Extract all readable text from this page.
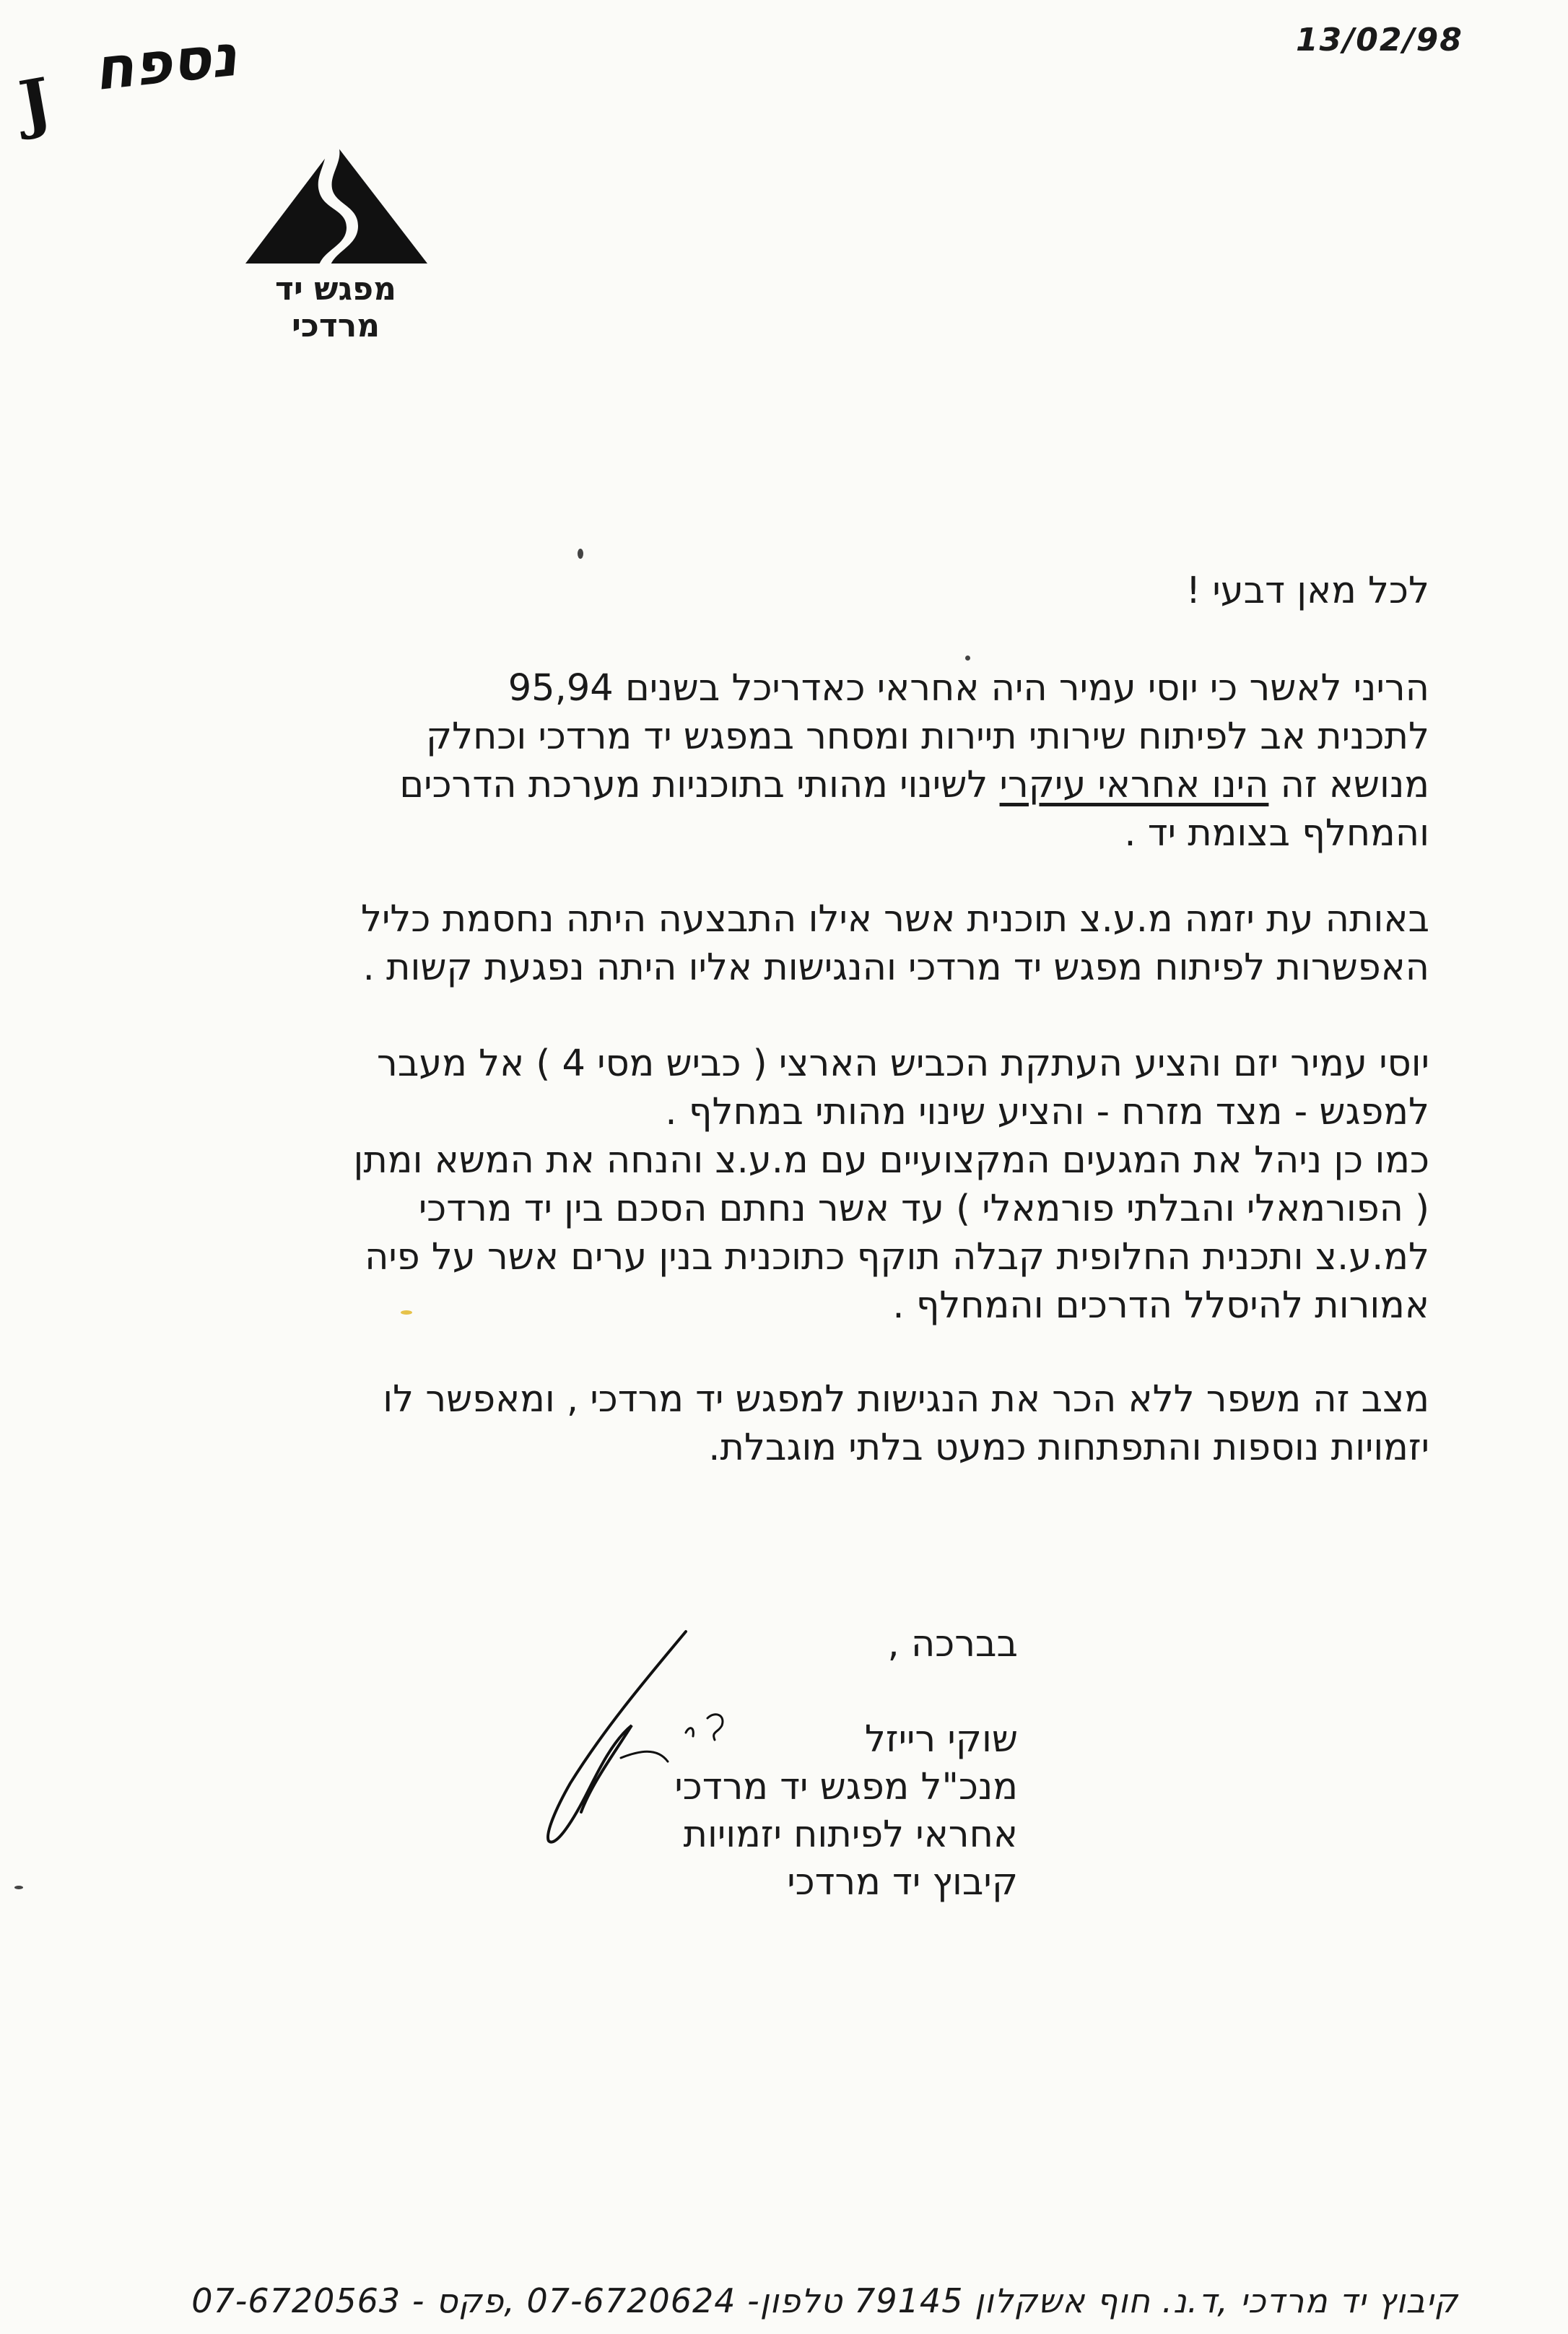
13/02/98
נספח
J
מפגש יד מרדכי
לכל מאן דבעי !
הריני לאשר כי יוסי עמיר היה אחראי כאדריכל בשנים 95,94
לתכנית אב לפיתוח שירותי תיירות ומסחר במפגש יד מרדכי וכחלק
מנושא זה הינו אחראי עיקרי לשינוי מהותי בתוכניות מערכת הדרכים
והמחלף בצומת יד .
באותה עת יזמה מ.ע.צ תוכנית אשר אילו התבצעה היתה נחסמת כליל
האפשרות לפיתוח מפגש יד מרדכי והנגישות אליו היתה נפגעת קשות .
יוסי עמיר יזם והציע העתקת הכביש הארצי ( כביש מסי 4 ) אל מעבר
למפגש - מצד מזרח - והציע שינוי מהותי במחלף .
כמו כן ניהל את המגעים המקצועיים עם מ.ע.צ והנחה את המשא ומתן
( הפורמאלי והבלתי פורמאלי ) עד אשר נחתם הסכם בין יד מרדכי
למ.ע.צ ותכנית החלופית קבלה תוקף כתוכנית בנין ערים אשר על פיה
אמורות להיסלל הדרכים והמחלף .
מצב זה משפר ללא הכר את הנגישות למפגש יד מרדכי , ומאפשר לו
יזמויות נוספות והתפתחות כמעט בלתי מוגבלת.
בברכה ,
שוקי רייזל
מנכ"ל מפגש יד מרדכי
אחראי לפיתוח יזמויות
קיבוץ יד מרדכי
קיבוץ יד מרדכי ,ד.נ. חוף אשקלון 79145 טלפון- 07-6720624 ,פקס - 07-6720563
